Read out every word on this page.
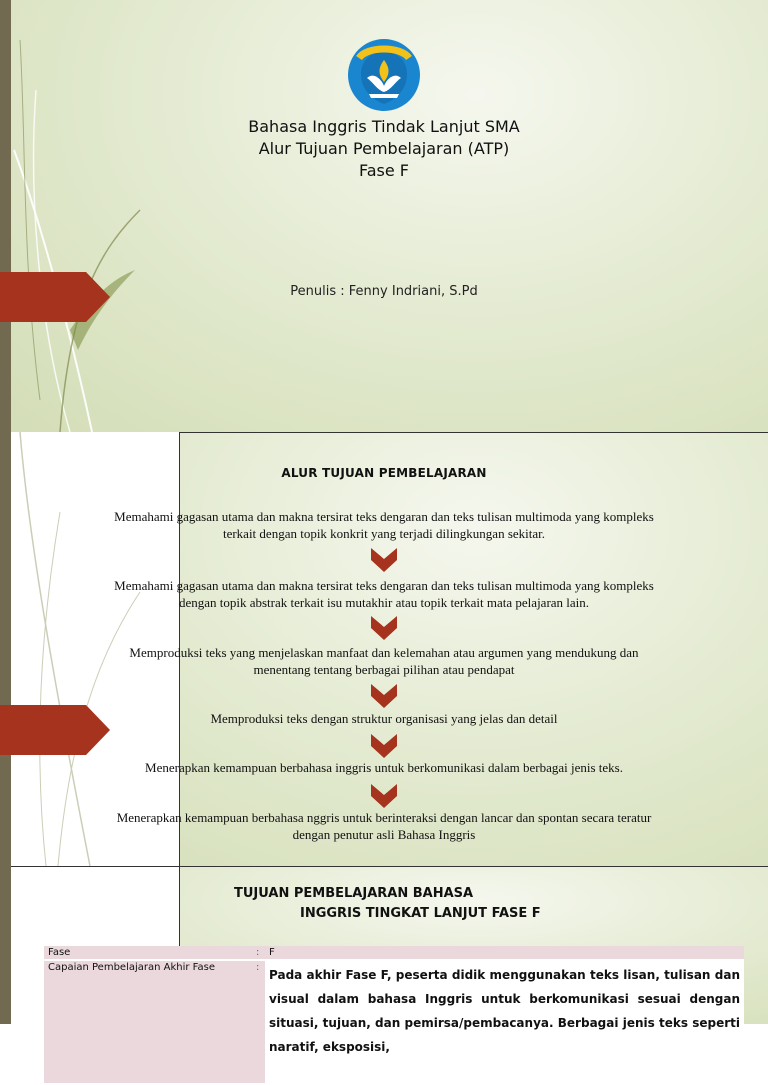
Bahasa Inggris Tindak Lanjut SMA
Alur Tujuan Pembelajaran (ATP)
Fase F
Penulis : Fenny Indriani, S.Pd
ALUR TUJUAN PEMBELAJARAN
Memahami gagasan utama dan makna tersirat teks dengaran dan teks tulisan multimoda yang kompleks
terkait dengan topik konkrit yang terjadi dilingkungan sekitar.
Memahami gagasan utama dan makna tersirat teks dengaran dan teks tulisan multimoda yang kompleks
dengan topik abstrak terkait isu mutakhir atau topik terkait mata pelajaran lain.
Memproduksi teks yang menjelaskan manfaat dan kelemahan atau argumen yang mendukung dan
menentang tentang berbagai pilihan atau pendapat
Memproduksi teks dengan struktur organisasi yang jelas dan detail
Menerapkan kemampuan berbahasa inggris untuk berkomunikasi dalam berbagai jenis teks.
Menerapkan kemampuan berbahasa nggris untuk berinteraksi dengan lancar dan spontan secara teratur
dengan penutur asli Bahasa Inggris
TUJUAN PEMBELAJARAN BAHASA
INGGRIS TINGKAT LANJUT FASE F
Fase	:	F
Capaian Pembelajaran Akhir Fase	:	Pada akhir Fase F, peserta didik menggunakan teks lisan, tulisan dan visual dalam bahasa Inggris untuk berkomunikasi sesuai dengan situasi, tujuan, dan pemirsa/pembacanya. Berbagai jenis teks seperti naratif, eksposisi,
